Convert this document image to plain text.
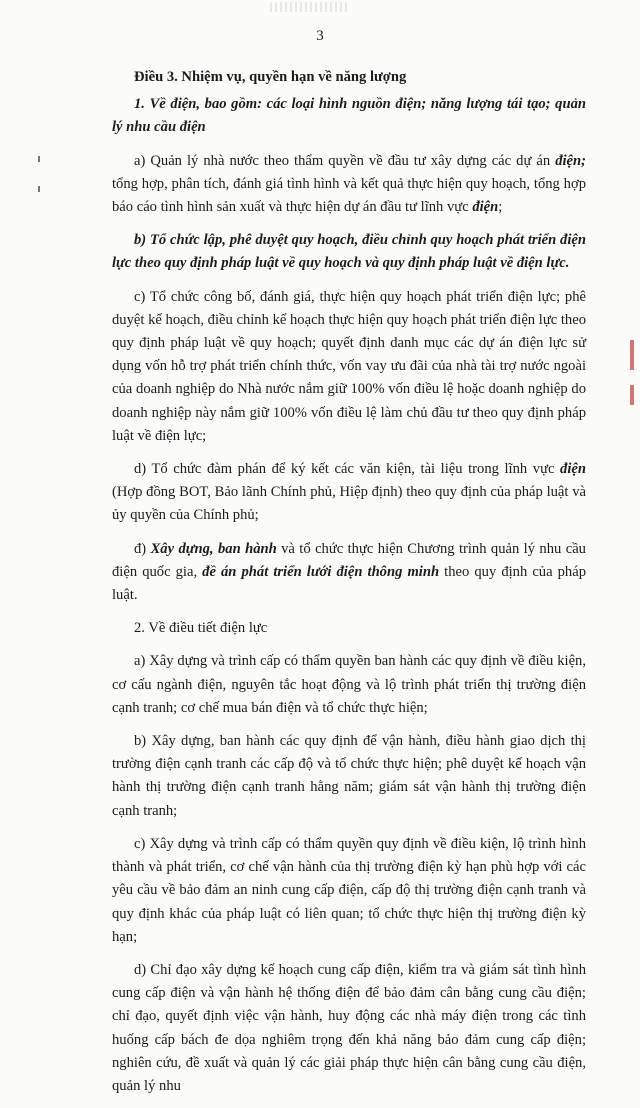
3
Điều 3. Nhiệm vụ, quyền hạn về năng lượng

1. Về điện, bao gồm: các loại hình nguồn điện; năng lượng tái tạo; quản lý nhu cầu điện

a) Quản lý nhà nước theo thẩm quyền về đầu tư xây dựng các dự án điện; tổng hợp, phân tích, đánh giá tình hình và kết quả thực hiện quy hoạch, tổng hợp báo cáo tình hình sản xuất và thực hiện dự án đầu tư lĩnh vực điện;

b) Tổ chức lập, phê duyệt quy hoạch, điều chỉnh quy hoạch phát triển điện lực theo quy định pháp luật về quy hoạch và quy định pháp luật về điện lực.

c) Tổ chức công bố, đánh giá, thực hiện quy hoạch phát triển điện lực; phê duyệt kế hoạch, điều chỉnh kế hoạch thực hiện quy hoạch phát triển điện lực theo quy định pháp luật về quy hoạch; quyết định danh mục các dự án điện lực sử dụng vốn hỗ trợ phát triển chính thức, vốn vay ưu đãi của nhà tài trợ nước ngoài của doanh nghiệp do Nhà nước nắm giữ 100% vốn điều lệ hoặc doanh nghiệp do doanh nghiệp này nắm giữ 100% vốn điều lệ làm chủ đầu tư theo quy định pháp luật về điện lực;

d) Tổ chức đàm phán để ký kết các văn kiện, tài liệu trong lĩnh vực điện (Hợp đồng BOT, Bảo lãnh Chính phủ, Hiệp định) theo quy định của pháp luật và ủy quyền của Chính phủ;

đ) Xây dựng, ban hành và tổ chức thực hiện Chương trình quản lý nhu cầu điện quốc gia, đề án phát triển lưới điện thông minh theo quy định của pháp luật.

2. Về điều tiết điện lực

a) Xây dựng và trình cấp có thẩm quyền ban hành các quy định về điều kiện, cơ cấu ngành điện, nguyên tắc hoạt động và lộ trình phát triển thị trường điện cạnh tranh; cơ chế mua bán điện và tổ chức thực hiện;

b) Xây dựng, ban hành các quy định để vận hành, điều hành giao dịch thị trường điện cạnh tranh các cấp độ và tổ chức thực hiện; phê duyệt kế hoạch vận hành thị trường điện cạnh tranh hằng năm; giám sát vận hành thị trường điện cạnh tranh;

c) Xây dựng và trình cấp có thẩm quyền quy định về điều kiện, lộ trình hình thành và phát triển, cơ chế vận hành của thị trường điện kỳ hạn phù hợp với các yêu cầu về bảo đảm an ninh cung cấp điện, cấp độ thị trường điện cạnh tranh và quy định khác của pháp luật có liên quan; tổ chức thực hiện thị trường điện kỳ hạn;

d) Chỉ đạo xây dựng kế hoạch cung cấp điện, kiểm tra và giám sát tình hình cung cấp điện và vận hành hệ thống điện để bảo đảm cân bằng cung cầu điện; chỉ đạo, quyết định việc vận hành, huy động các nhà máy điện trong các tình huống cấp bách đe dọa nghiêm trọng đến khả năng bảo đảm cung cấp điện; nghiên cứu, đề xuất và quản lý các giải pháp thực hiện cân bằng cung cầu điện, quản lý nhu
